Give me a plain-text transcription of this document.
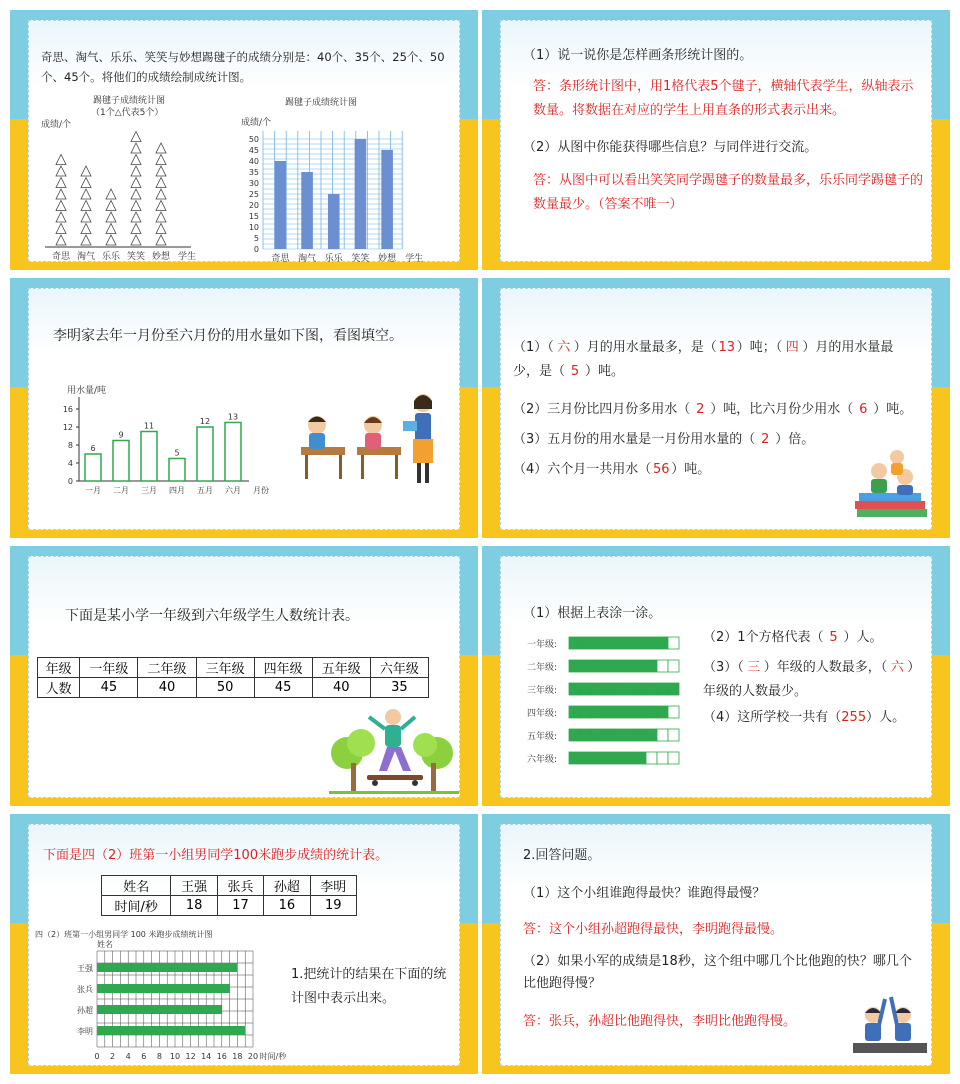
奇思、淘气、乐乐、笑笑与妙想踢毽子的成绩分别是：40个、35个、25个、50个、45个。将他们的成绩绘制成统计图。
踢毽子成绩统计图
（1个△代表5个）
成绩/个
奇思 淘气 乐乐 笑笑 妙想 学生
踢毽子成绩统计图
成绩/个
0
5
10
15
20
25
30
35
40
45
50
奇思 淘气 乐乐 笑笑 妙想 学生
（1）说一说你是怎样画条形统计图的。
答：条形统计图中，用1格代表5个毽子，横轴代表学生，纵轴表示数量。将数据在对应的学生上用直条的形式表示出来。
（2）从图中你能获得哪些信息？与同伴进行交流。
答：从图中可以看出笑笑同学踢毽子的数量最多，乐乐同学踢毽子的数量最少。（答案不唯一）
李明家去年一月份至六月份的用水量如下图，看图填空。
用水量/吨
0
4
8
12
16
6
一月
9
二月
11
三月
5
四月
12
五月
13
六月 月份
（1）（ 六 ）月的用水量最多，是（ 13 ）吨；（ 四 ）月的用水量最
少，是（ 5 ）吨。
（2）三月份比四月份多用水（ 2 ）吨，比六月份少用水（ 6 ）吨。
（3）五月份的用水量是一月份用水量的（ 2 ）倍。
（4）六个月一共用水（ 56 ）吨。
下面是某小学一年级到六年级学生人数统计表。
年级	一年级	二年级	三年级	四年级	五年级	六年级
人数	45	40	50	45	40	35
（1）根据上表涂一涂。
一年级:
二年级:
三年级:
四年级:
五年级:
六年级:
（2）1个方格代表（ 5 ）人。
（3）（ 三 ）年级的人数最多，（ 六 ）
年级的人数最少。
（4）这所学校一共有（255）人。
下面是四（2）班第一小组男同学100米跑步成绩的统计表。
姓名	王强	张兵	孙超	李明
时间/秒	18	17	16	19
四（2）班第一小组男同学 100 米跑步成绩统计图
姓名
王强
张兵
孙超
李明
0 2 4 6 8 10 12 14 16 18 20 时间/秒
1.把统计的结果在下面的统计图中表示出来。
2.回答问题。
（1）这个小组谁跑得最快？谁跑得最慢？
答：这个小组孙超跑得最快，李明跑得最慢。
（2）如果小军的成绩是18秒，这个组中哪几个比他跑的快？哪几个比他跑得慢？
答：张兵，孙超比他跑得快，李明比他跑得慢。
